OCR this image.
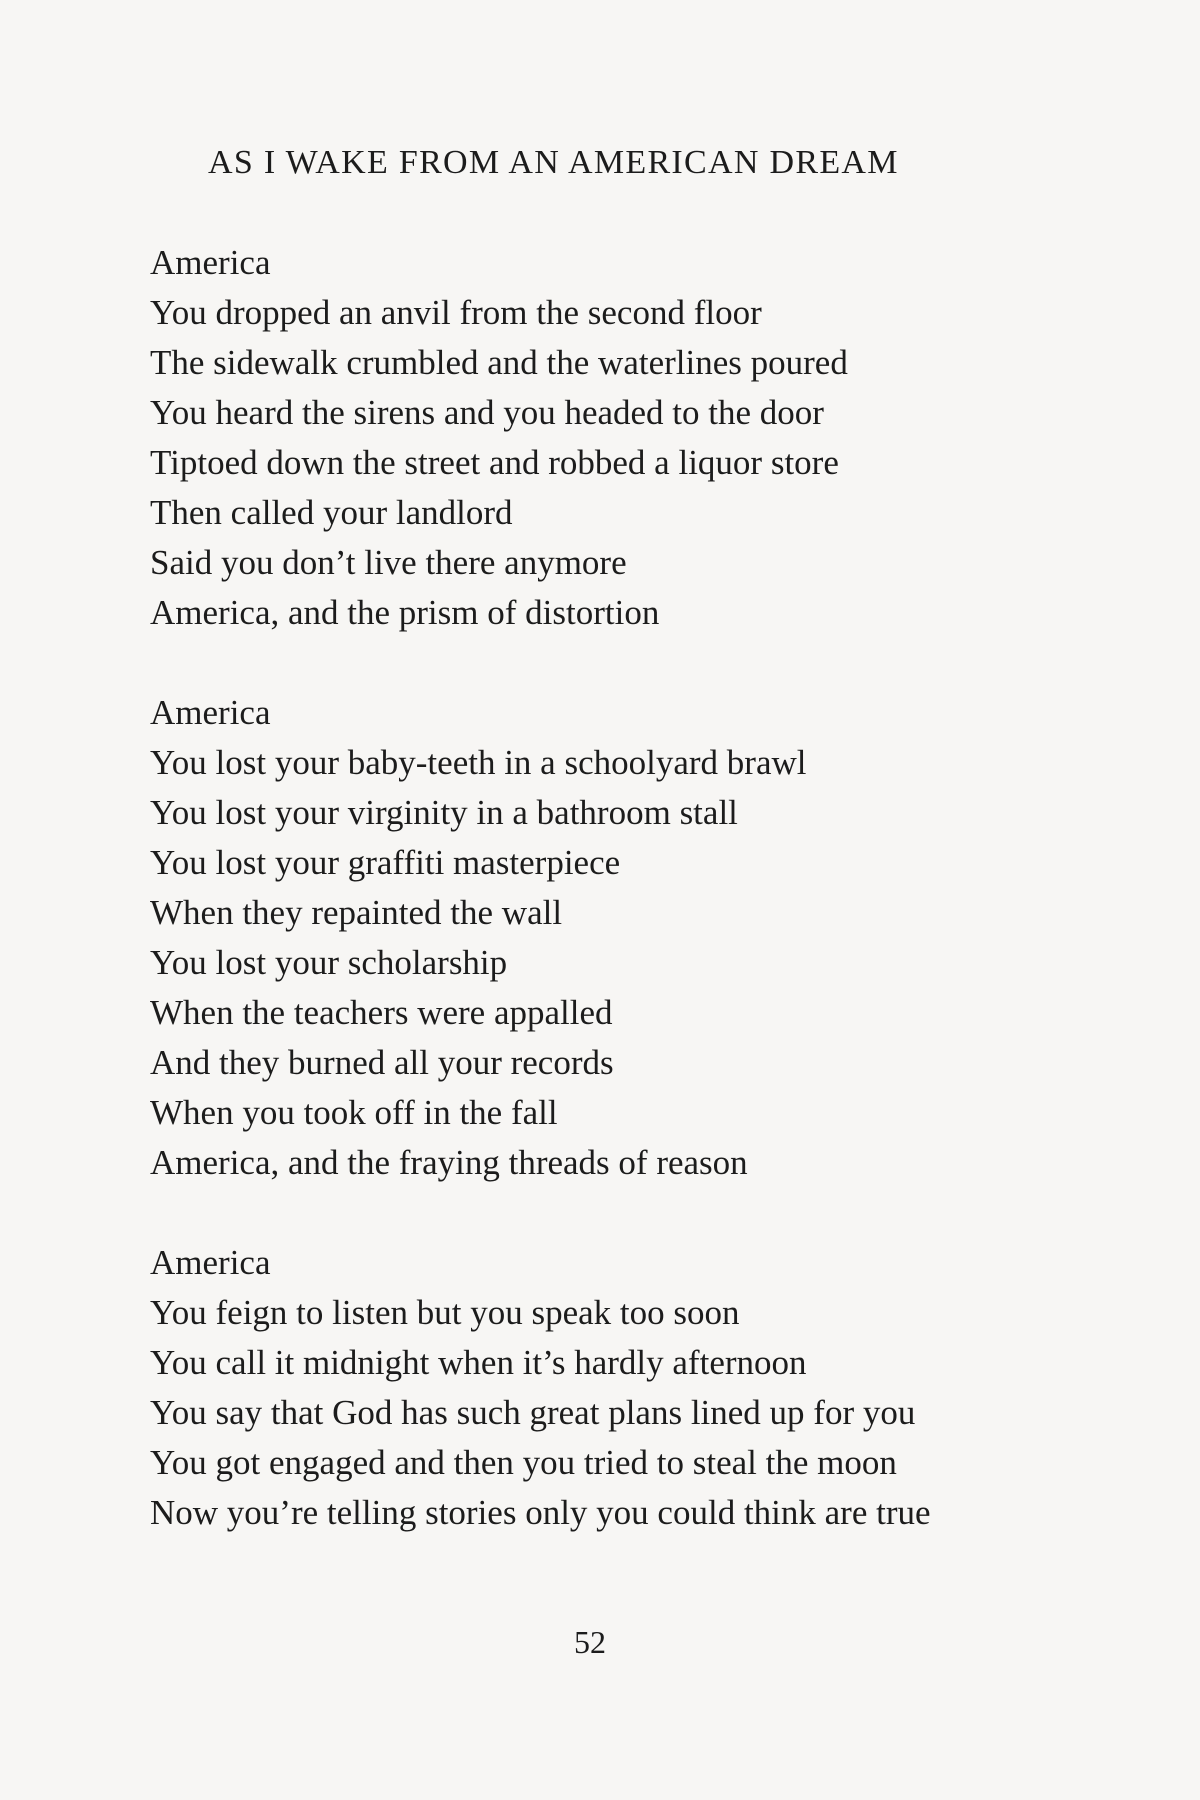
AS I WAKE FROM AN AMERICAN DREAM
America
You dropped an anvil from the second floor
The sidewalk crumbled and the waterlines poured
You heard the sirens and you headed to the door
Tiptoed down the street and robbed a liquor store
Then called your landlord
Said you don’t live there anymore
America, and the prism of distortion
America
You lost your baby-teeth in a schoolyard brawl
You lost your virginity in a bathroom stall
You lost your graffiti masterpiece
When they repainted the wall
You lost your scholarship
When the teachers were appalled
And they burned all your records
When you took off in the fall
America, and the fraying threads of reason
America
You feign to listen but you speak too soon
You call it midnight when it’s hardly afternoon
You say that God has such great plans lined up for you
You got engaged and then you tried to steal the moon
Now you’re telling stories only you could think are true
52
